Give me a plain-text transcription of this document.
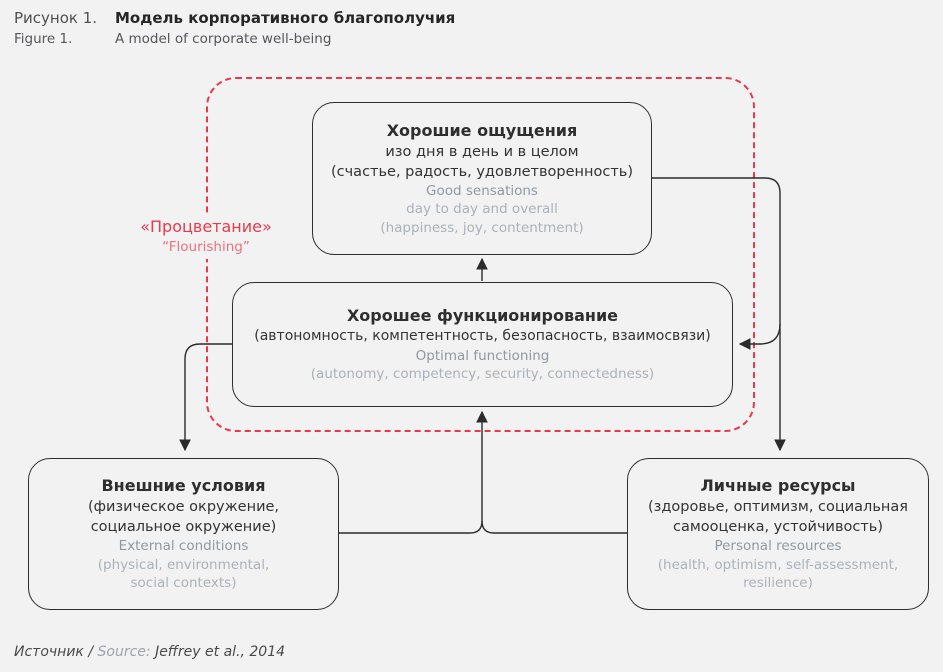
Рисунок 1. Модель корпоративного благополучия
Figure 1.	A model of corporate well-being
«Процветание»
“Flourishing”
Хорошие ощущения
изо дня в день и в целом
(счастье, радость, удовлетворенность)
Good sensations
day to day and overall
(happiness, joy, contentment)
Хорошее функционирование
(автономность, компетентность, безопасность, взаимосвязи)
Optimal functioning
(autonomy, competency, security, connectedness)
Внешние условия
(физическое окружение,
социальное окружение)
External conditions
(physical, environmental,
social contexts)
Личные ресурсы
(здоровье, оптимизм, социальная
самооценка, устойчивость)
Personal resources
(health, optimism, self-assessment,
resilience)
Источник / Source: Jeffrey et al., 2014
